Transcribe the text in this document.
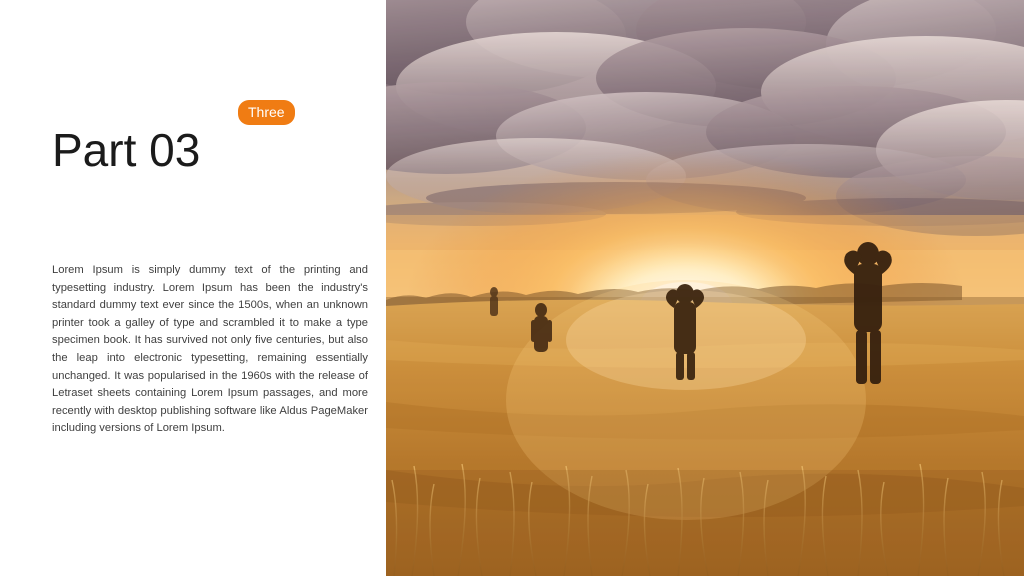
Part 03
Three

Lorem Ipsum is simply dummy text of the printing and typesetting industry. Lorem Ipsum has been the industry's standard dummy text ever since the 1500s, when an unknown printer took a galley of type and scrambled it to make a type specimen book. It has survived not only five centuries, but also the leap into electronic typesetting, remaining essentially unchanged. It was popularised in the 1960s with the release of Letraset sheets containing Lorem Ipsum passages, and more recently with desktop publishing software like Aldus PageMaker including versions of Lorem Ipsum.
